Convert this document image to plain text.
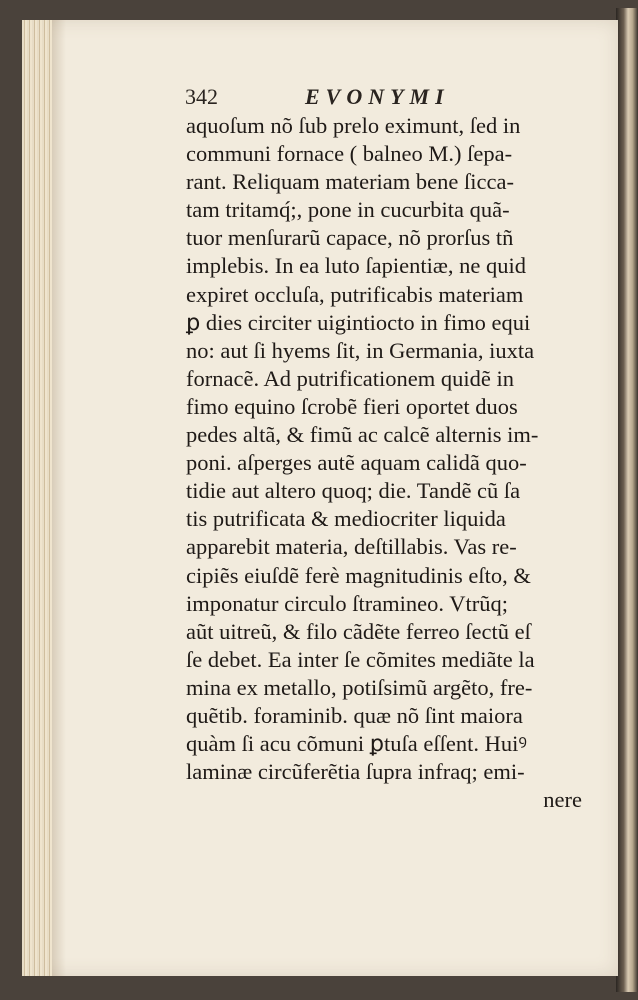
342	EVONYMI
aquoſum nõ ſub prelo eximunt, ſed in
communi fornace ( balneo M.) ſepa-
rant. Reliquam materiam bene ſicca-
tam tritamq́;, pone in cucurbita quã-
tuor menſurarũ capace, nõ prorſus tñ
implebis. In ea luto ſapientiæ, ne quid
expiret occluſa, putrificabis materiam
ꝑ dies circiter uigintiocto in fimo equi
no: aut ſi hyems ſit, in Germania, iuxta
fornacẽ. Ad putrificationem quidẽ in
fimo equino ſcrobẽ fieri oportet duos
pedes altã, & fimũ ac calcẽ alternis im-
poni. aſperges autẽ aquam calidã quo-
tidie aut altero quoq; die. Tandẽ cũ ſa
tis putrificata & mediocriter liquida
apparebit materia, deſtillabis. Vas re-
cipiẽs eiuſdẽ ferè magnitudinis eſto, &
imponatur circulo ſtramineo. Vtrũq;
aũt uitreũ, & filo cãdẽte ferreo ſectũ eſ
ſe debet. Ea inter ſe cõmites mediãte la
mina ex metallo, potiſsimũ argẽto, fre-
quẽtib. foraminib. quæ nõ ſint maiora
quàm ſi acu cõmuni ꝑtuſa eſſent. Huiꝰ
laminæ circũferẽtia ſupra infraq; emi-
nere
